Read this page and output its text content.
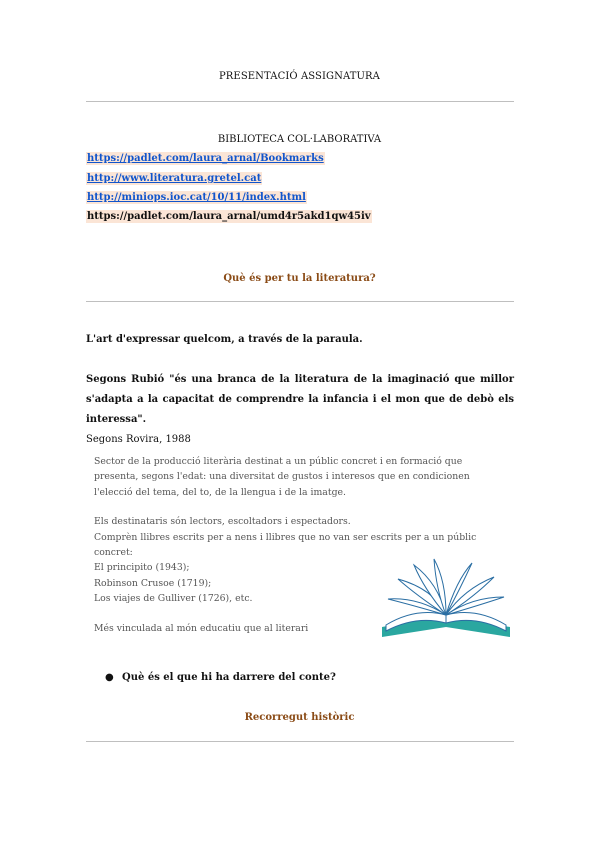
PRESENTACIÓ ASSIGNATURA
BIBLIOTECA COL·LABORATIVA
https://padlet.com/laura_arnal/Bookmarks
http://www.literatura.gretel.cat
http://miniops.ioc.cat/10/11/index.html
https://padlet.com/laura_arnal/umd4r5akd1qw45iv
Què és per tu la literatura?
L'art d'expressar quelcom, a través de la paraula.
Segons Rubió "és una branca de la literatura de la imaginació que millor s'adapta a la capacitat de comprendre la infancia i el mon que de debò els interessa".
Segons Rovira, 1988

Sector de la producció literària destinat a un públic concret i en formació que

presenta, segons l'edat: una diversitat de gustos i interesos que en condicionen

l'elecció del tema, del to, de la llengua i de la imatge.

Els destinataris són lectors, escoltadors i espectadors.

Comprèn llibres escrits per a nens i llibres que no van ser escrits per a un públic

concret:

El principito (1943);

Robinson Crusoe (1719);

Los viajes de Gulliver (1726), etc.

Més vinculada al món educatiu que al literari

● Què és el que hi ha darrere del conte?
Recorregut històric
